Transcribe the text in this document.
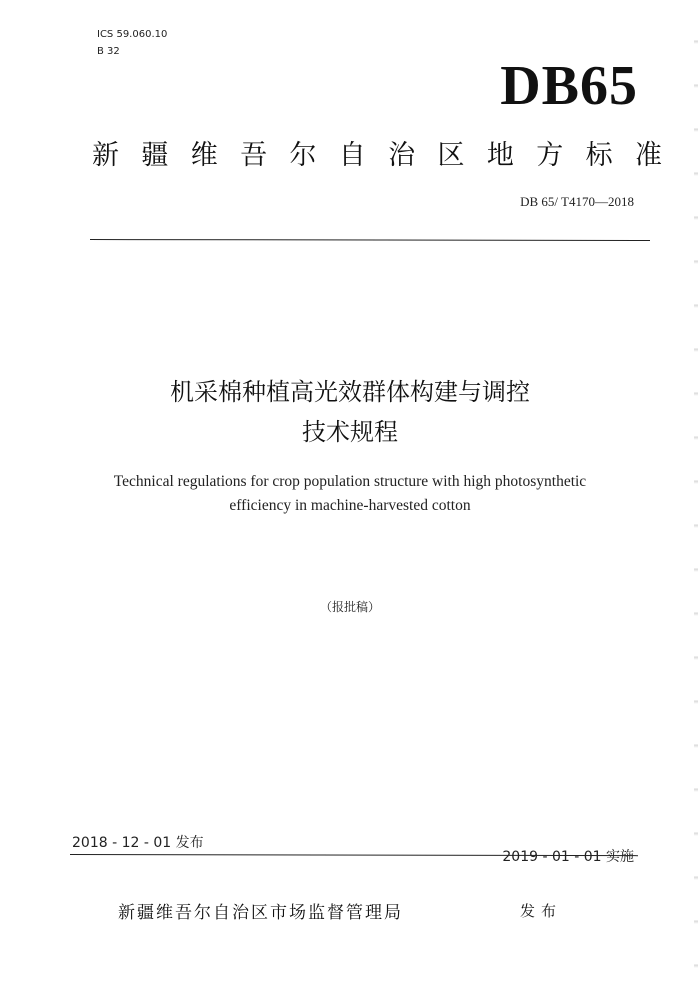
ICS 59.060.10
B 32
DB65
新 疆 维 吾 尔 自 治 区 地 方 标 准
DB 65/ T4170—2018
机采棉种植高光效群体构建与调控
技术规程
Technical regulations for crop population structure with high photosynthetic
efficiency in machine-harvested cotton
（报批稿）
2018 - 12 - 01 发布
2019 - 01 - 01 实施
新疆维吾尔自治区市场监督管理局	发布
